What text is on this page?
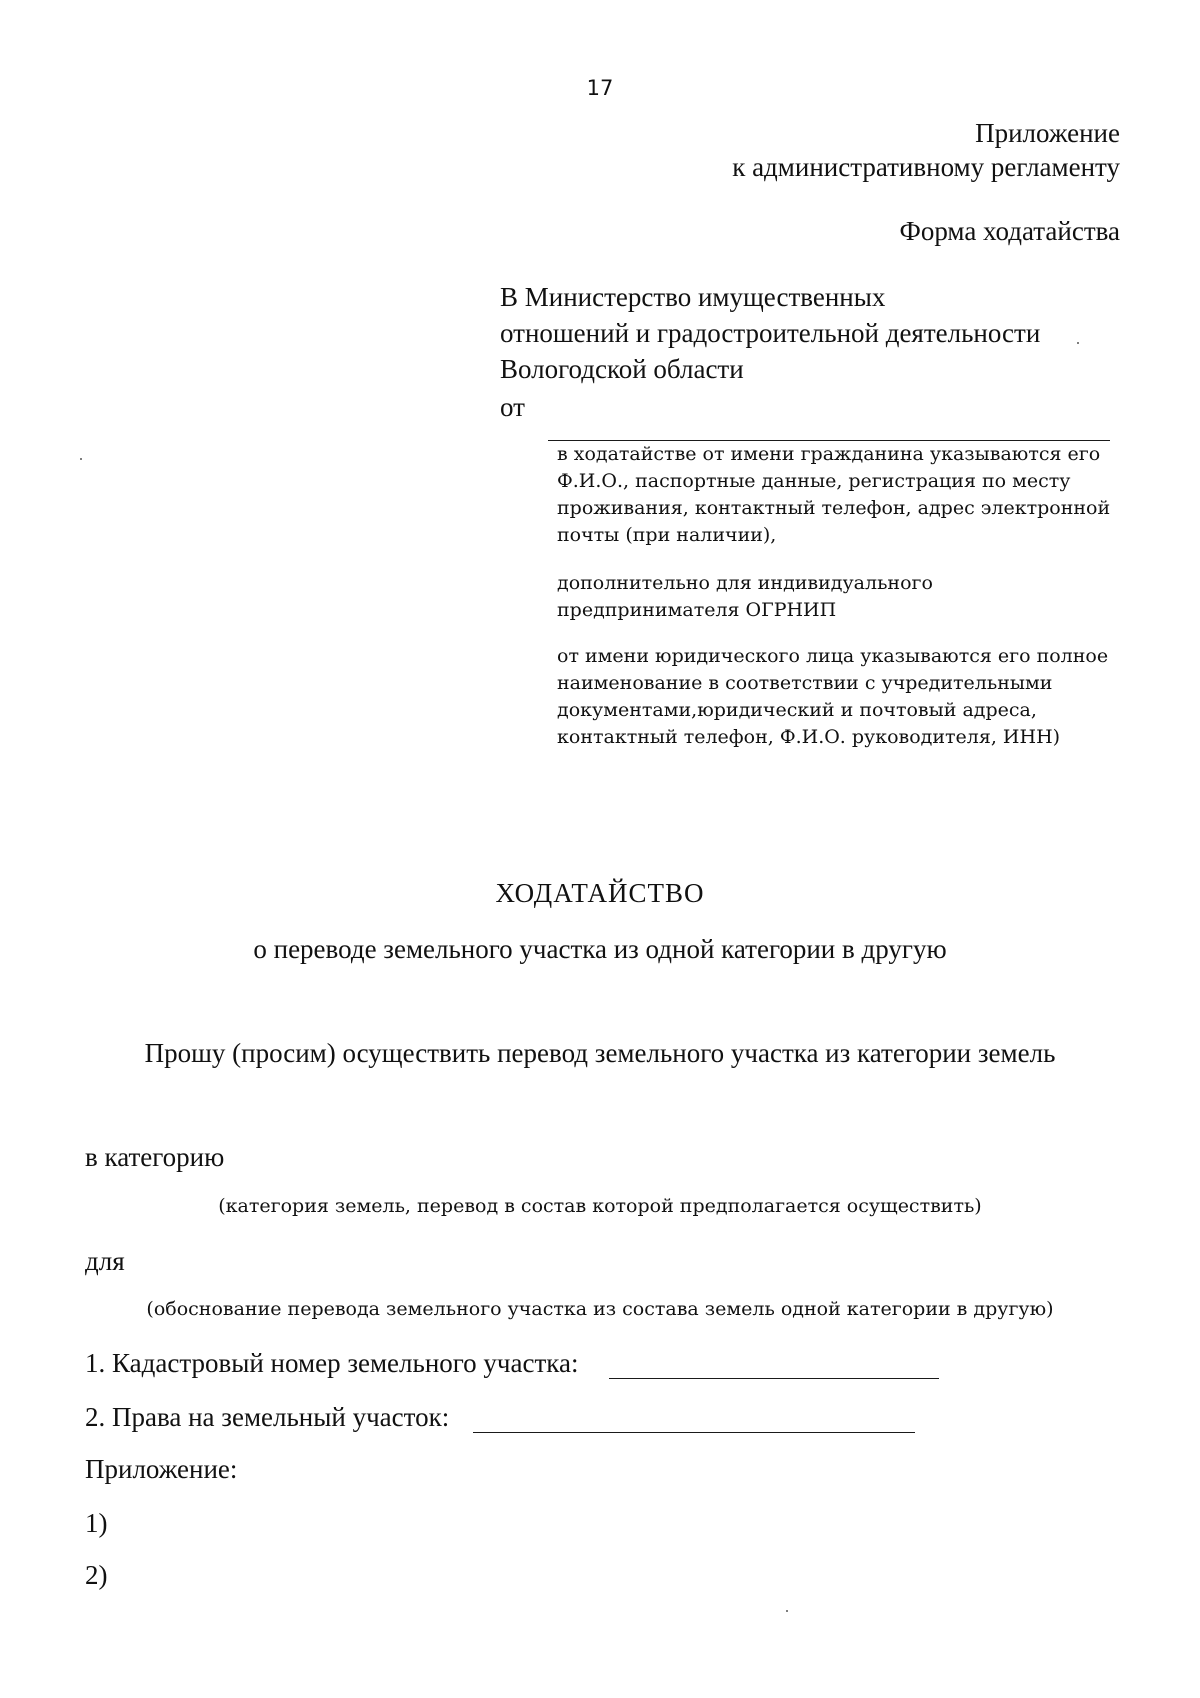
17
Приложение
к административному регламенту
Форма ходатайства
В Министерство имущественных
отношений и градостроительной деятельности
Вологодской области
от
в ходатайстве от имени гражданина указываются его Ф.И.О., паспортные данные, регистрация по месту проживания, контактный телефон, адрес электронной почты (при наличии),
дополнительно для индивидуального предпринимателя ОГРНИП
от имени юридического лица указываются его полное наименование в соответствии с учредительными документами,юридический и почтовый адреса, контактный телефон, Ф.И.О. руководителя, ИНН)
ХОДАТАЙСТВО
о переводе земельного участка из одной категории в другую
Прошу (просим) осуществить перевод земельного участка из категории земель
в категорию
(категория земель, перевод в состав которой предполагается осуществить)
для
(обоснование перевода земельного участка из состава земель одной категории в другую)
1. Кадастровый номер земельного участка:
2. Права на земельный участок:
Приложение:
1)
2)
